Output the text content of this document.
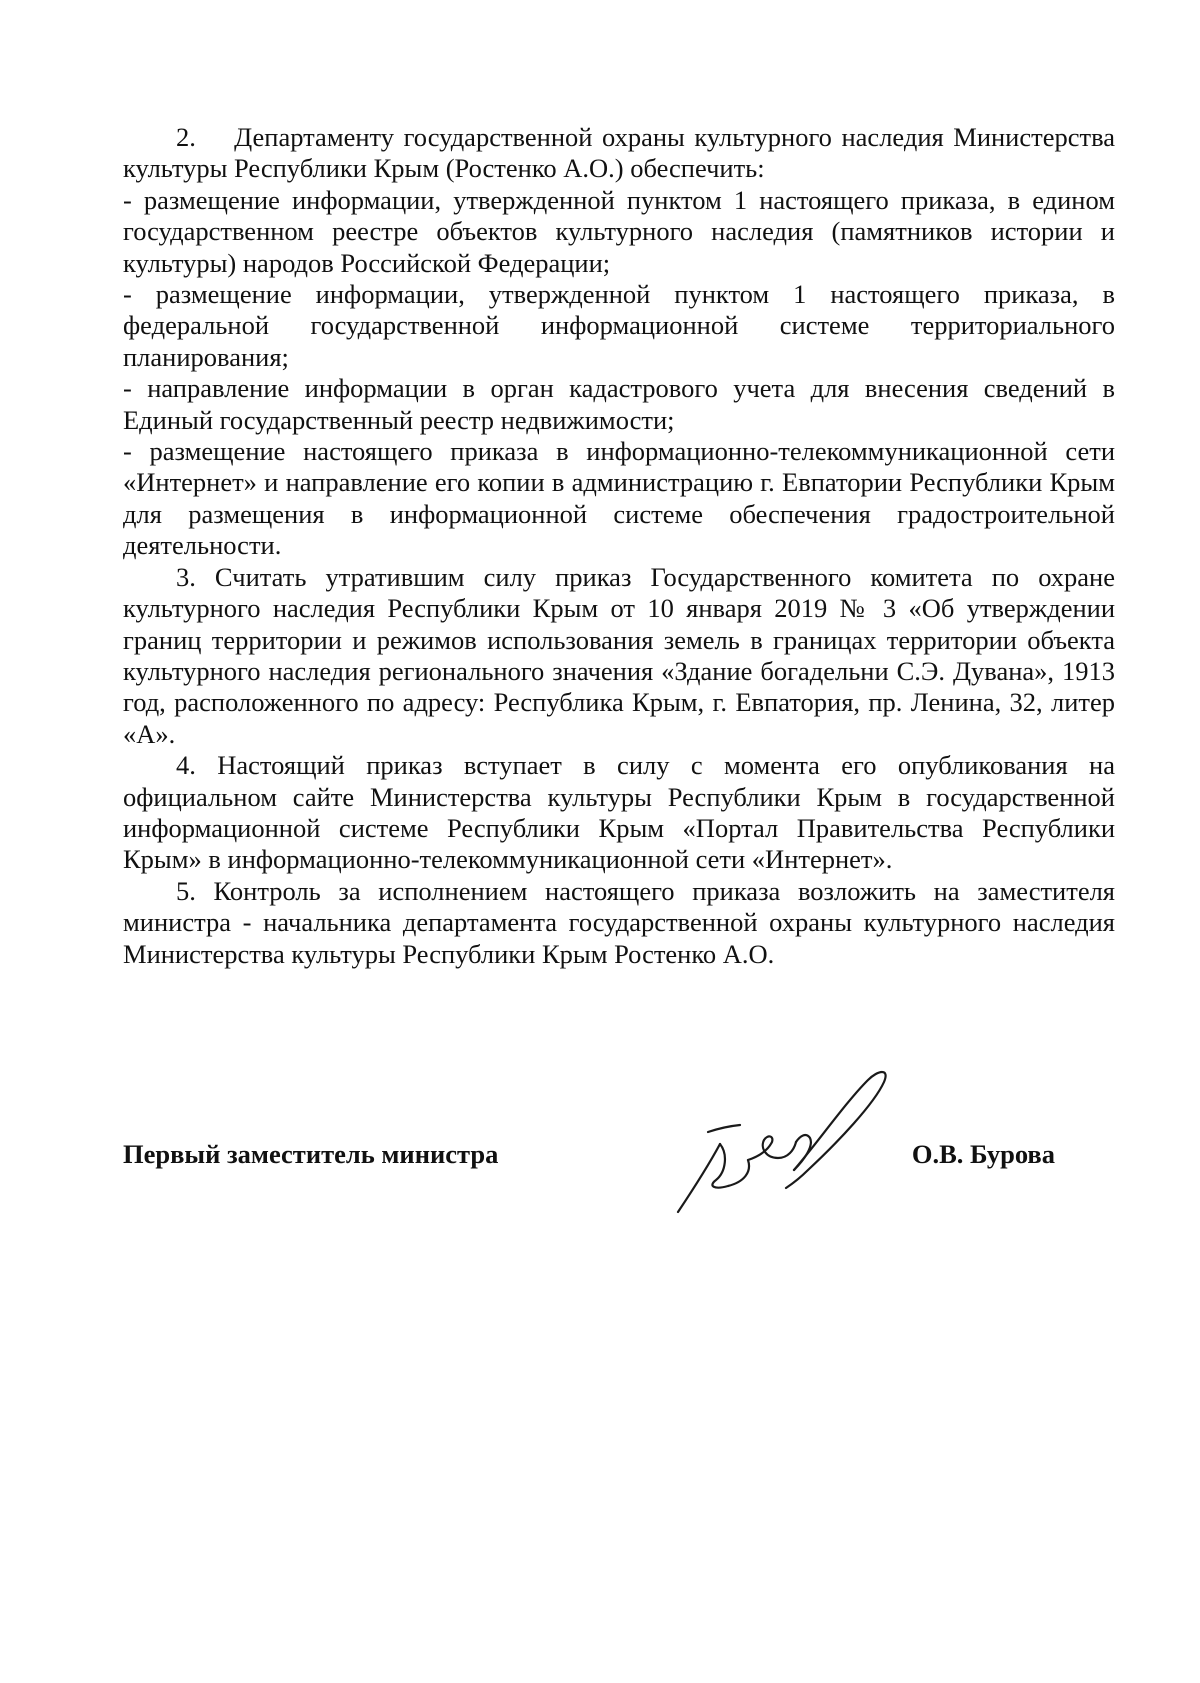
2.    Департаменту государственной охраны культурного наследия Министерства культуры Республики Крым (Ростенко А.О.) обеспечить:

- размещение информации, утвержденной пунктом 1 настоящего приказа, в едином государственном реестре объектов культурного наследия (памятников истории и культуры) народов Российской Федерации;

- размещение информации, утвержденной пунктом 1 настоящего приказа, в федеральной государственной информационной системе территориального планирования;

- направление информации в орган кадастрового учета для внесения сведений в Единый государственный реестр недвижимости;

- размещение настоящего приказа в информационно-телекоммуникационной сети «Интернет» и направление его копии в администрацию г. Евпатории Республики Крым для размещения в информационной системе обеспечения градостроительной деятельности.

3. Считать утратившим силу приказ Государственного комитета по охране культурного наследия Республики Крым от 10 января 2019 № 3 «Об утверждении границ территории и режимов использования земель в границах территории объекта культурного наследия регионального значения «Здание богадельни С.Э. Дувана», 1913 год, расположенного по адресу: Республика Крым, г. Евпатория, пр. Ленина, 32, литер «А».

4. Настоящий приказ вступает в силу с момента его опубликования на официальном сайте Министерства культуры Республики Крым в государственной информационной системе Республики Крым «Портал Правительства Республики Крым» в информационно-телекоммуникационной сети «Интернет».

5. Контроль за исполнением настоящего приказа возложить на заместителя министра - начальника департамента государственной охраны культурного наследия Министерства культуры Республики Крым Ростенко А.О.

Первый заместитель министра	О.В. Бурова
